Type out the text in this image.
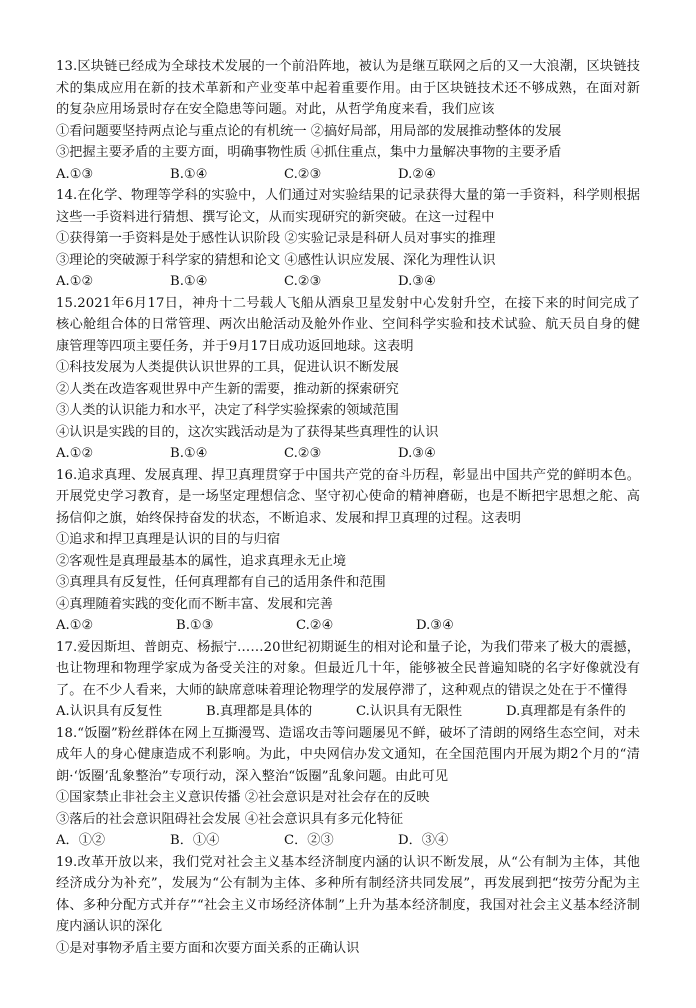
13.区块链已经成为全球技术发展的一个前沿阵地，被认为是继互联网之后的又一大浪潮，区块链技术的集成应用在新的技术革新和产业变革中起着重要作用。由于区块链技术还不够成熟，在面对新的复杂应用场景时存在安全隐患等问题。对此，从哲学角度来看，我们应该

①看问题要坚持两点论与重点论的有机统一 ②搞好局部，用局部的发展推动整体的发展

③把握主要矛盾的主要方面，明确事物性质 ④抓住重点，集中力量解决事物的主要矛盾

A.①③	B.①④	C.②③	D.②④

14.在化学、物理等学科的实验中，人们通过对实验结果的记录获得大量的第一手资料，科学则根据这些一手资料进行猜想、撰写论文，从而实现研究的新突破。在这一过程中

①获得第一手资料是处于感性认识阶段 ②实验记录是科研人员对事实的推理

③理论的突破源于科学家的猜想和论文 ④感性认识应发展、深化为理性认识

A.①②	B.①④	C.②③	D.③④

15.2021年6月17日，神舟十二号载人飞船从酒泉卫星发射中心发射升空，在接下来的时间完成了核心舱组合体的日常管理、两次出舱活动及舱外作业、空间科学实验和技术试验、航天员自身的健康管理等四项主要任务，并于9月17日成功返回地球。这表明

①科技发展为人类提供认识世界的工具，促进认识不断发展

②人类在改造客观世界中产生新的需要，推动新的探索研究

③人类的认识能力和水平，决定了科学实验探索的领域范围

④认识是实践的目的，这次实践活动是为了获得某些真理性的认识

A.①②	B.①④	C.②③	D.③④

16.追求真理、发展真理、捍卫真理贯穿于中国共产党的奋斗历程，彰显出中国共产党的鲜明本色。开展党史学习教育，是一场坚定理想信念、坚守初心使命的精神磨砺，也是不断把宇思想之舵、高扬信仰之旗，始终保持奋发的状态，不断追求、发展和捍卫真理的过程。这表明

①追求和捍卫真理是认识的目的与归宿

②客观性是真理最基本的属性，追求真理永无止境

③真理具有反复性，任何真理都有自己的适用条件和范围

④真理随着实践的变化而不断丰富、发展和完善

A.①②	B.①③	C.②④	D.③④

17.爱因斯坦、普朗克、杨振宁……20世纪初期诞生的相对论和量子论，为我们带来了极大的震撼，也让物理和物理学家成为备受关注的对象。但最近几十年，能够被全民普遍知晓的名字好像就没有了。在不少人看来，大师的缺席意味着理论物理学的发展停滞了，这种观点的错误之处在于不懂得

A.认识具有反复性	B.真理都是具体的	C.认识具有无限性	D.真理都是有条件的

18.“饭圈”粉丝群体在网上互撕漫骂、造谣攻击等问题屡见不鲜，破坏了清朗的网络生态空间，对未成年人的身心健康造成不利影响。为此，中央网信办发文通知，在全国范围内开展为期2个月的“清朗·‘饭圈’乱象整治”专项行动，深入整治“饭圈”乱象问题。由此可见

①国家禁止非社会主义意识传播 ②社会意识是对社会存在的反映

③落后的社会意识阻碍社会发展 ④社会意识具有多元化特征

A．①②	B．①④	C．②③	D．③④

19.改革开放以来，我们党对社会主义基本经济制度内涵的认识不断发展，从“公有制为主体，其他经济成分为补充”，发展为“公有制为主体、多种所有制经济共同发展”，再发展到把“按劳分配为主体、多种分配方式并存”“社会主义市场经济体制”上升为基本经济制度，我国对社会主义基本经济制度内涵认识的深化

①是对事物矛盾主要方面和次要方面关系的正确认识
